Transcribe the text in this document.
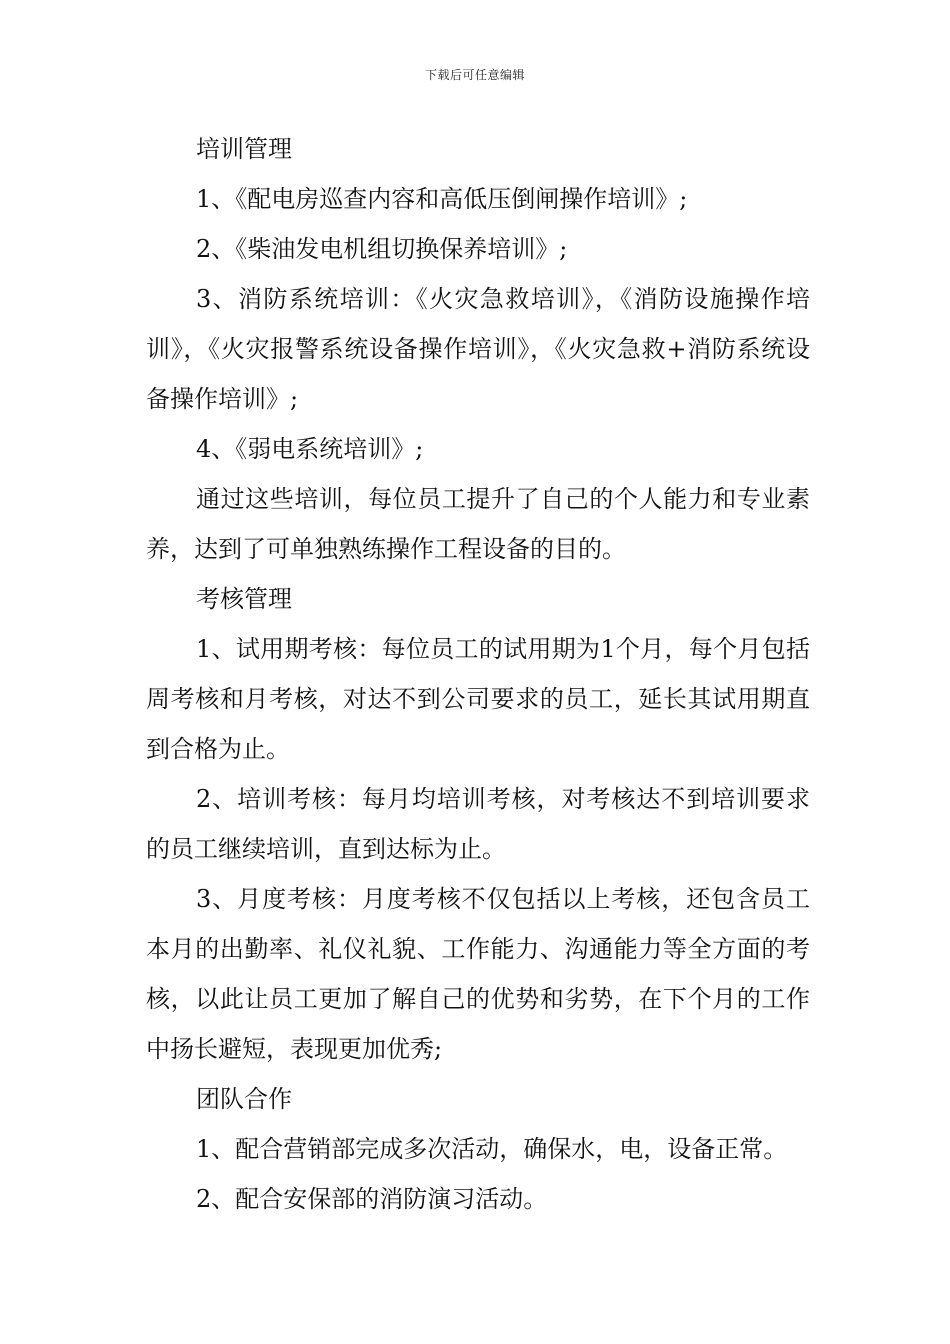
下载后可任意编辑

培训管理

1、《配电房巡查内容和高低压倒闸操作培训》;

2、《柴油发电机组切换保养培训》;

3、消防系统培训：《火灾急救培训》，《消防设施操作培训》，《火灾报警系统设备操作培训》，《火灾急救+消防系统设备操作培训》;

4、《弱电系统培训》;

通过这些培训，每位员工提升了自己的个人能力和专业素养，达到了可单独熟练操作工程设备的目的。

考核管理

1、试用期考核：每位员工的试用期为1个月，每个月包括周考核和月考核，对达不到公司要求的员工，延长其试用期直到合格为止。

2、培训考核：每月均培训考核，对考核达不到培训要求的员工继续培训，直到达标为止。

3、月度考核：月度考核不仅包括以上考核，还包含员工本月的出勤率、礼仪礼貌、工作能力、沟通能力等全方面的考核，以此让员工更加了解自己的优势和劣势，在下个月的工作中扬长避短，表现更加优秀;

团队合作

1、配合营销部完成多次活动，确保水，电，设备正常。

2、配合安保部的消防演习活动。
